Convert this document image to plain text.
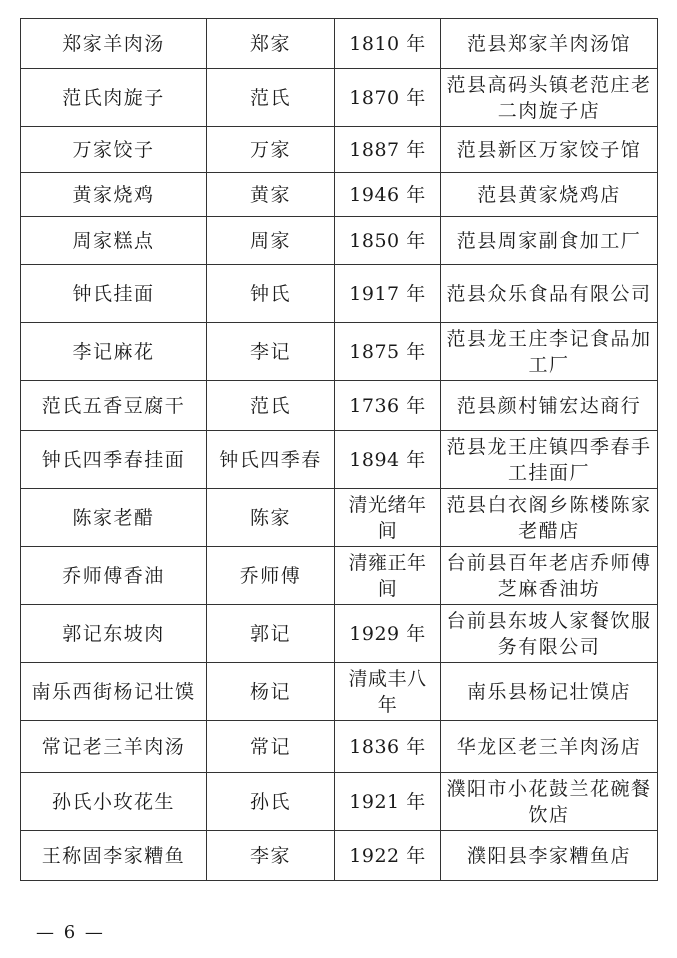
郑家羊肉汤	郑家	1810 年	范县郑家羊肉汤馆
范氏肉旋子	范氏	1870 年	范县高码头镇老范庄老二肉旋子店
万家饺子	万家	1887 年	范县新区万家饺子馆
黄家烧鸡	黄家	1946 年	范县黄家烧鸡店
周家糕点	周家	1850 年	范县周家副食加工厂
钟氏挂面	钟氏	1917 年	范县众乐食品有限公司
李记麻花	李记	1875 年	范县龙王庄李记食品加工厂
范氏五香豆腐干	范氏	1736 年	范县颜村铺宏达商行
钟氏四季春挂面	钟氏四季春	1894 年	范县龙王庄镇四季春手工挂面厂
陈家老醋	陈家	清光绪年间	范县白衣阁乡陈楼陈家老醋店
乔师傅香油	乔师傅	清雍正年间	台前县百年老店乔师傅芝麻香油坊
郭记东坡肉	郭记	1929 年	台前县东坡人家餐饮服务有限公司
南乐西街杨记壮馍	杨记	清咸丰八年	南乐县杨记壮馍店
常记老三羊肉汤	常记	1836 年	华龙区老三羊肉汤店
孙氏小玫花生	孙氏	1921 年	濮阳市小花鼓兰花碗餐饮店
王称固李家糟鱼	李家	1922 年	濮阳县李家糟鱼店
— 6 —
